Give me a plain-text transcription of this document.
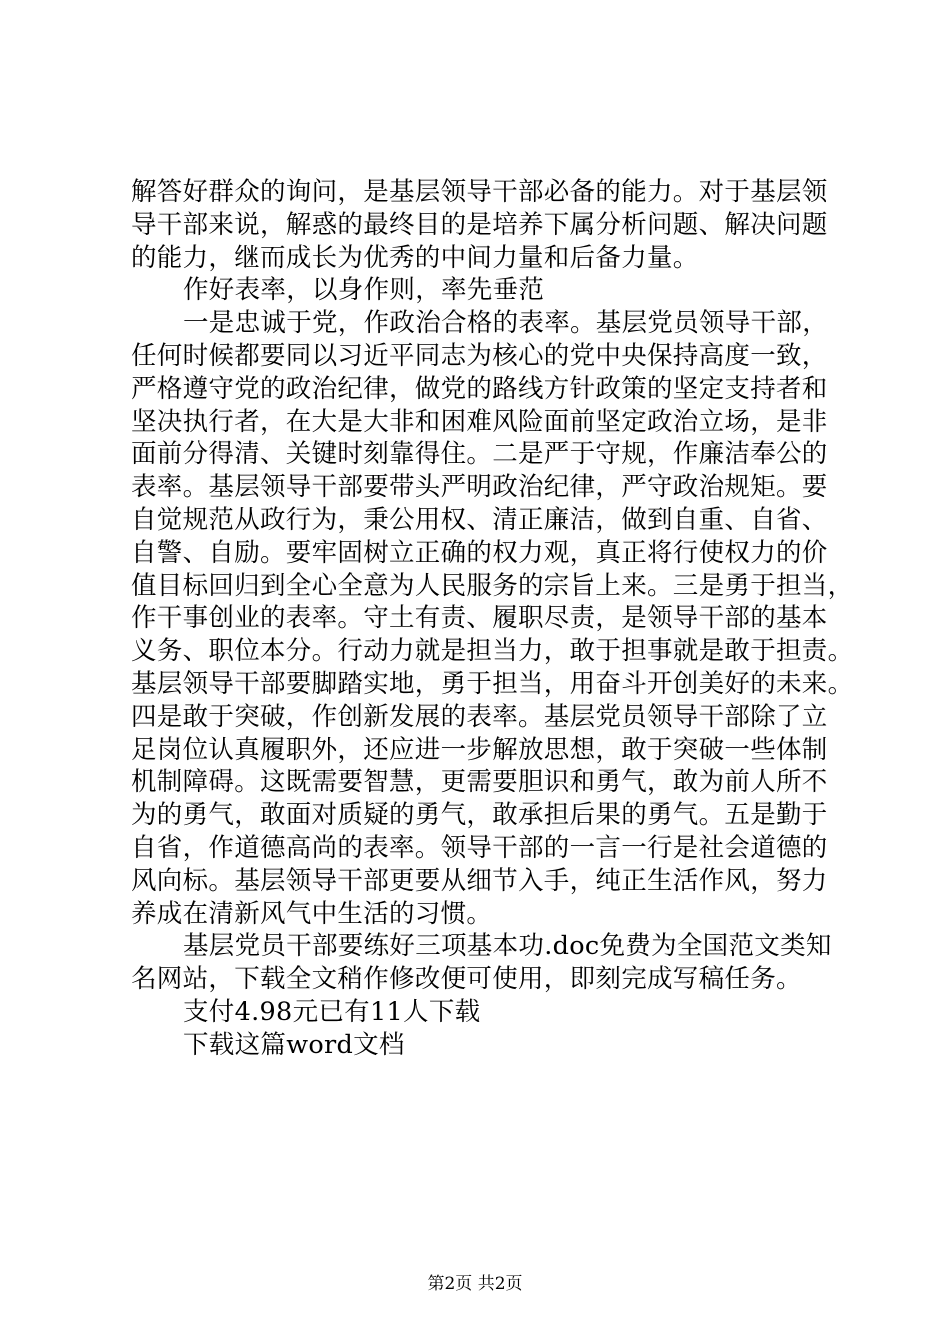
解答好群众的询问，是基层领导干部必备的能力。对于基层领
导干部来说，解惑的最终目的是培养下属分析问题、解决问题
的能力，继而成长为优秀的中间力量和后备力量。
作好表率，以身作则，率先垂范
一是忠诚于党，作政治合格的表率。基层党员领导干部，
任何时候都要同以习近平同志为核心的党中央保持高度一致，
严格遵守党的政治纪律，做党的路线方针政策的坚定支持者和
坚决执行者，在大是大非和困难风险面前坚定政治立场，是非
面前分得清、关键时刻靠得住。二是严于守规，作廉洁奉公的
表率。基层领导干部要带头严明政治纪律，严守政治规矩。要
自觉规范从政行为，秉公用权、清正廉洁，做到自重、自省、
自警、自励。要牢固树立正确的权力观，真正将行使权力的价
值目标回归到全心全意为人民服务的宗旨上来。三是勇于担当，
作干事创业的表率。守土有责、履职尽责，是领导干部的基本
义务、职位本分。行动力就是担当力，敢于担事就是敢于担责。
基层领导干部要脚踏实地，勇于担当，用奋斗开创美好的未来。
四是敢于突破，作创新发展的表率。基层党员领导干部除了立
足岗位认真履职外，还应进一步解放思想，敢于突破一些体制
机制障碍。这既需要智慧，更需要胆识和勇气，敢为前人所不
为的勇气，敢面对质疑的勇气，敢承担后果的勇气。五是勤于
自省，作道德高尚的表率。领导干部的一言一行是社会道德的
风向标。基层领导干部更要从细节入手，纯正生活作风，努力
养成在清新风气中生活的习惯。
基层党员干部要练好三项基本功.doc免费为全国范文类知
名网站，下载全文稍作修改便可使用，即刻完成写稿任务。
支付4.98元已有11人下载
下载这篇word文档
第2页 共2页
